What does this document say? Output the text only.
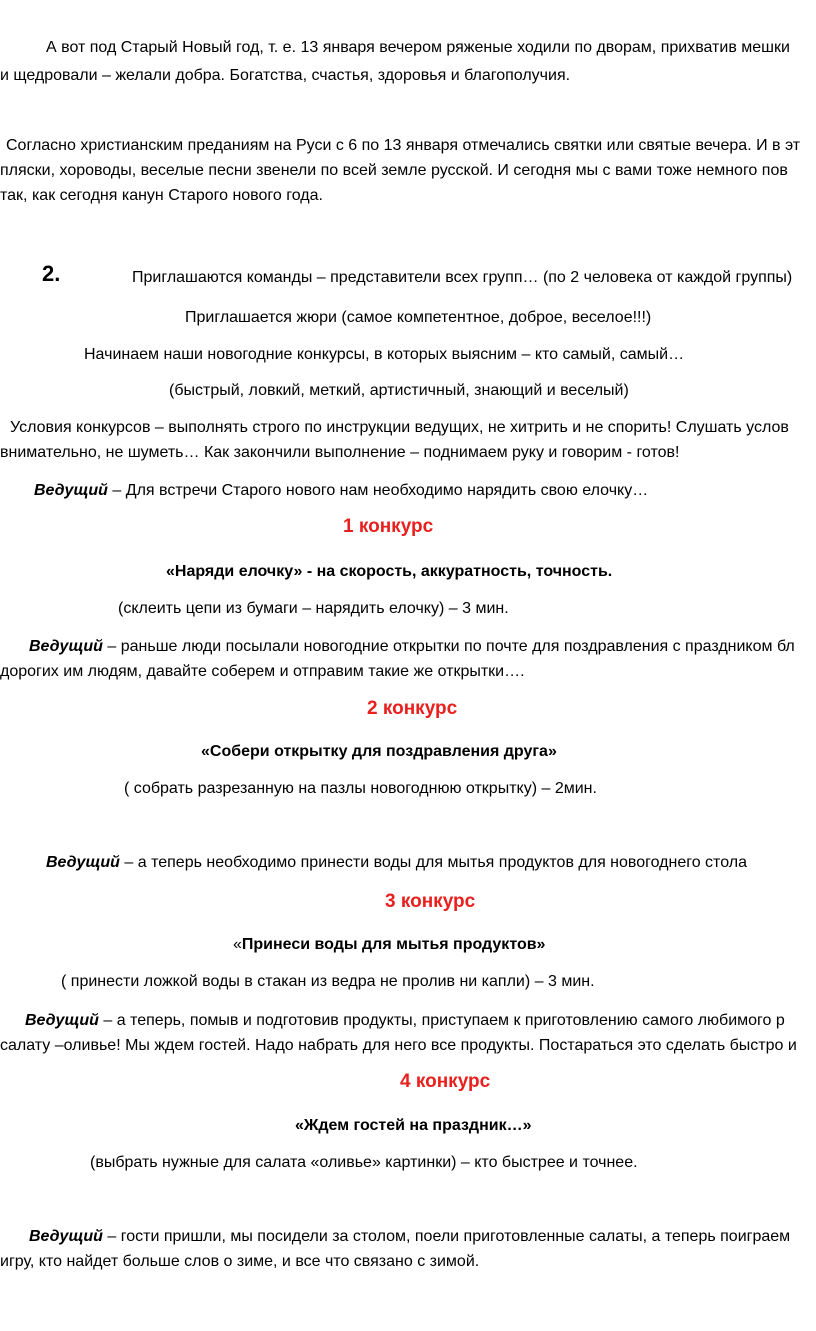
А вот под Старый Новый год, т. е. 13 января вечером ряженые ходили по дворам, прихватив мешки
и щедровали – желали добра. Богатства, счастья, здоровья и благополучия.
Согласно христианским преданиям на Руси с 6 по 13 января отмечались святки или святые вечера. И в эт
пляски, хороводы, веселые песни звенели по всей земле русской. И сегодня мы с вами тоже немного пов
так, как сегодня канун Старого нового года.
2.	Приглашаются команды – представители всех групп… (по 2 человека от каждой группы)
Приглашается жюри (самое компетентное, доброе, веселое!!!)
Начинаем наши новогодние конкурсы, в которых выясним – кто самый, самый…
(быстрый, ловкий, меткий, артистичный, знающий и веселый)
Условия конкурсов – выполнять строго по инструкции ведущих, не хитрить и не спорить! Слушать услов
внимательно, не шуметь… Как закончили выполнение – поднимаем руку и говорим - готов!
Ведущий – Для встречи Старого нового нам необходимо нарядить свою елочку…
1 конкурс
«Наряди елочку» - на скорость, аккуратность, точность.
(склеить цепи из бумаги – нарядить елочку) – 3 мин.
Ведущий – раньше люди посылали новогодние открытки по почте для поздравления с праздником бл
дорогих им людям, давайте соберем и отправим такие же открытки….
2 конкурс
«Собери открытку для поздравления друга»
( собрать разрезанную на пазлы новогоднюю открытку) – 2мин.
Ведущий – а теперь необходимо принести воды для мытья продуктов для новогоднего стола
3 конкурс
«Принеси воды для мытья продуктов»
( принести ложкой воды в стакан из ведра не пролив ни капли) – 3 мин.
Ведущий – а теперь, помыв и подготовив продукты, приступаем к приготовлению самого любимого р
салату –оливье! Мы ждем гостей. Надо набрать для него все продукты. Постараться это сделать быстро и
4 конкурс
«Ждем гостей на праздник…»
(выбрать нужные для салата «оливье» картинки) – кто быстрее и точнее.
Ведущий – гости пришли, мы посидели за столом, поели приготовленные салаты, а теперь поиграем
игру, кто найдет больше слов о зиме, и все что связано с зимой.
